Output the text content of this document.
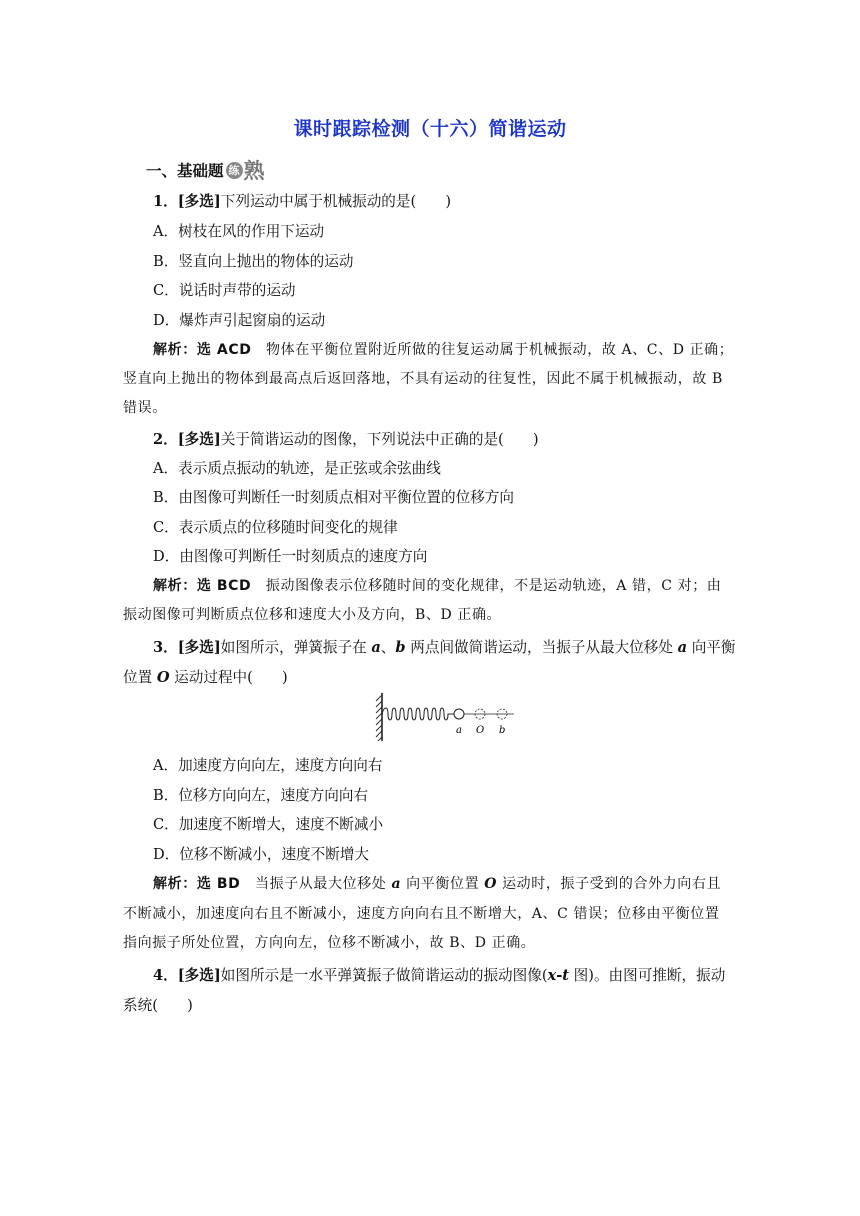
课时跟踪检测（十六）简谐运动
一、基础题 练 熟
1．[多选]下列运动中属于机械振动的是(　　)
A．树枝在风的作用下运动
B．竖直向上抛出的物体的运动
C．说话时声带的运动
D．爆炸声引起窗扇的运动
解析：选 ACD　 物体在平衡位置附近所做的往复运动属于机械振动，故 A、C、D 正确；
竖直向上抛出的物体到最高点后返回落地，不具有运动的往复性，因此不属于机械振动，故 B
错误。
2．[多选]关于简谐运动的图像，下列说法中正确的是(　　)
A．表示质点振动的轨迹，是正弦或余弦曲线
B．由图像可判断任一时刻质点相对平衡位置的位移方向
C．表示质点的位移随时间变化的规律
D．由图像可判断任一时刻质点的速度方向
解析：选 BCD　 振动图像表示位移随时间的变化规律，不是运动轨迹，A 错，C 对；由
振动图像可判断质点位移和速度大小及方向，B、D 正确。
3．[多选]如图所示，弹簧振子在 a、b 两点间做简谐运动，当振子从最大位移处 a 向平衡
位置 O 运动过程中(　　)
a O b
A．加速度方向向左，速度方向向右
B．位移方向向左，速度方向向右
C．加速度不断增大，速度不断减小
D．位移不断减小，速度不断增大
解析：选 BD　 当振子从最大位移处 a 向平衡位置 O 运动时，振子受到的合外力向右且
不断减小，加速度向右且不断减小，速度方向向右且不断增大，A、C 错误；位移由平衡位置
指向振子所处位置，方向向左，位移不断减小，故 B、D 正确。
4．[多选]如图所示是一水平弹簧振子做简谐运动的振动图像(x-t 图)。由图可推断，振动
系统(　　)
